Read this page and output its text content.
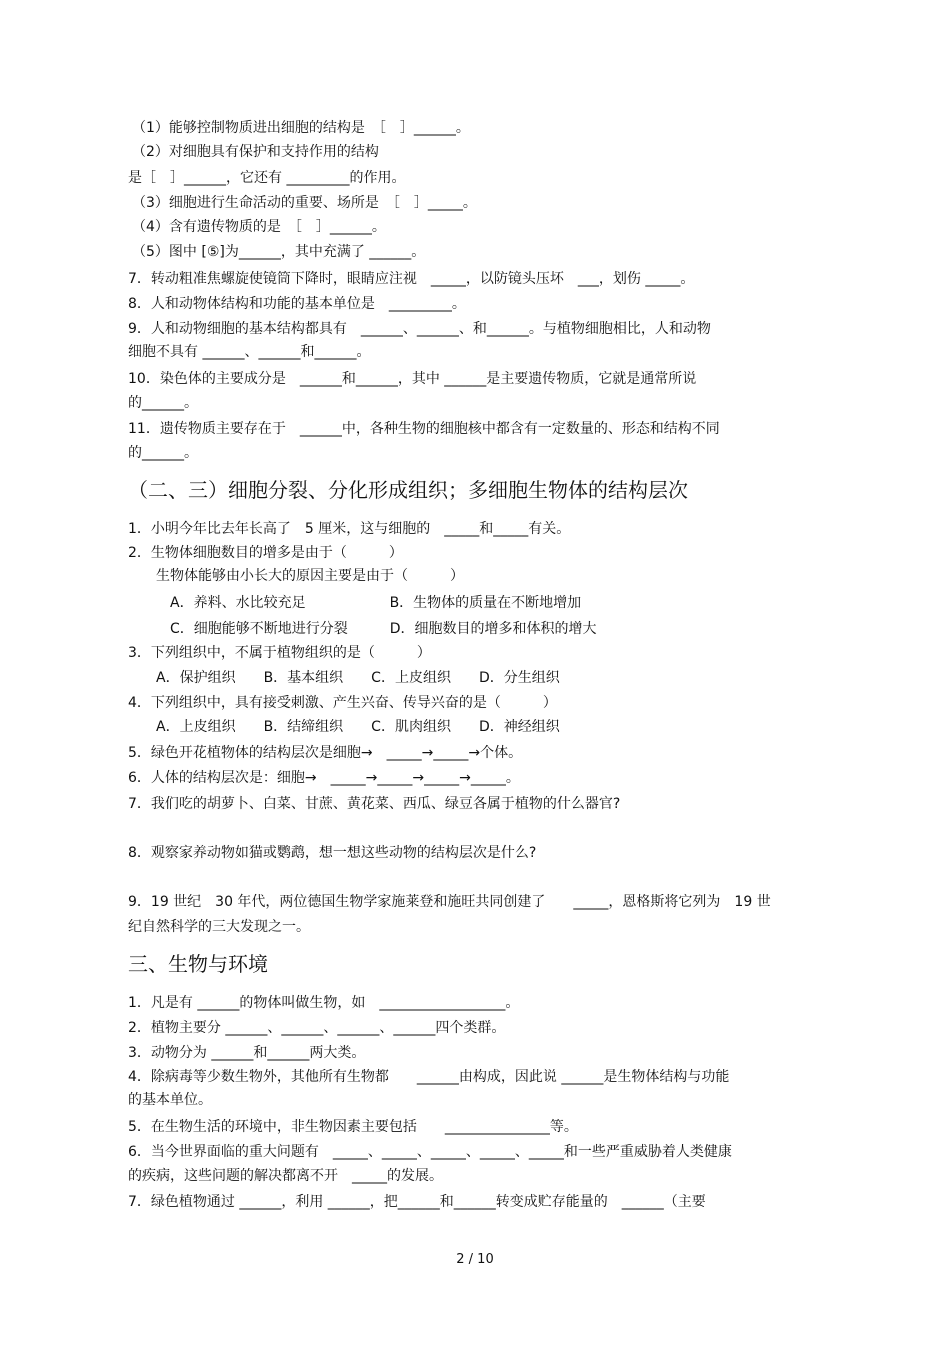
（1）能够控制物质进出细胞的结构是　［　］______。
（2）对细胞具有保护和支持作用的结构
是［　］______，它还有 _________的作用。
（3）细胞进行生命活动的重要、场所是　［　］_____。
（4）含有遗传物质的是　［　］______。
（5）图中 [⑤]为______，其中充满了 ______。
7．转动粗准焦螺旋使镜筒下降时，眼睛应注视　_____，以防镜头压坏　___，划伤 _____。
8．人和动物体结构和功能的基本单位是　_________。
9．人和动物细胞的基本结构都具有　______、______、和______。与植物细胞相比，人和动物
细胞不具有 ______、______和______。
10．染色体的主要成分是　______和______，其中 ______是主要遗传物质，它就是通常所说
的______。
11．遗传物质主要存在于　______中，各种生物的细胞核中都含有一定数量的、形态和结构不同
的______。
（二、三）细胞分裂、分化形成组织；多细胞生物体的结构层次
1．小明今年比去年长高了　5 厘米，这与细胞的　_____和_____有关。
2．生物体细胞数目的增多是由于（　　　）
　　生物体能够由小长大的原因主要是由于（　　　）
　　　A．养料、水比较充足　　　　　　B．生物体的质量在不断地增加
　　　C．细胞能够不断地进行分裂　　　D．细胞数目的增多和体积的增大
3．下列组织中，不属于植物组织的是（　　　）
　　A．保护组织　　B．基本组织　　C．上皮组织　　D．分生组织
4．下列组织中，具有接受刺激、产生兴奋、传导兴奋的是（　　　）
　　A．上皮组织　　B．结缔组织　　C．肌肉组织　　D．神经组织
5．绿色开花植物体的结构层次是细胞→　_____→_____→个体。
6．人体的结构层次是：细胞→　_____→_____→_____→_____。
7．我们吃的胡萝卜、白菜、甘蔗、黄花菜、西瓜、绿豆各属于植物的什么器官?
8．观察家养动物如猫或鹦鹉，想一想这些动物的结构层次是什么?
9．19 世纪　30 年代，两位德国生物学家施莱登和施旺共同创建了　　_____，恩格斯将它列为　19 世
纪自然科学的三大发现之一。
三、生物与环境
1．凡是有 ______的物体叫做生物，如　__________________。
2．植物主要分 ______、______、______、______四个类群。
3．动物分为 ______和______两大类。
4．除病毒等少数生物外，其他所有生物都　　______由构成，因此说 ______是生物体结构与功能
的基本单位。
5．在生物生活的环境中，非生物因素主要包括　　_______________等。
6．当今世界面临的重大问题有　_____、_____、_____、_____、_____和一些严重威胁着人类健康
的疾病，这些问题的解决都离不开　_____的发展。
7．绿色植物通过 ______，利用 ______，把______和______转变成贮存能量的　______（主要
2 / 10
